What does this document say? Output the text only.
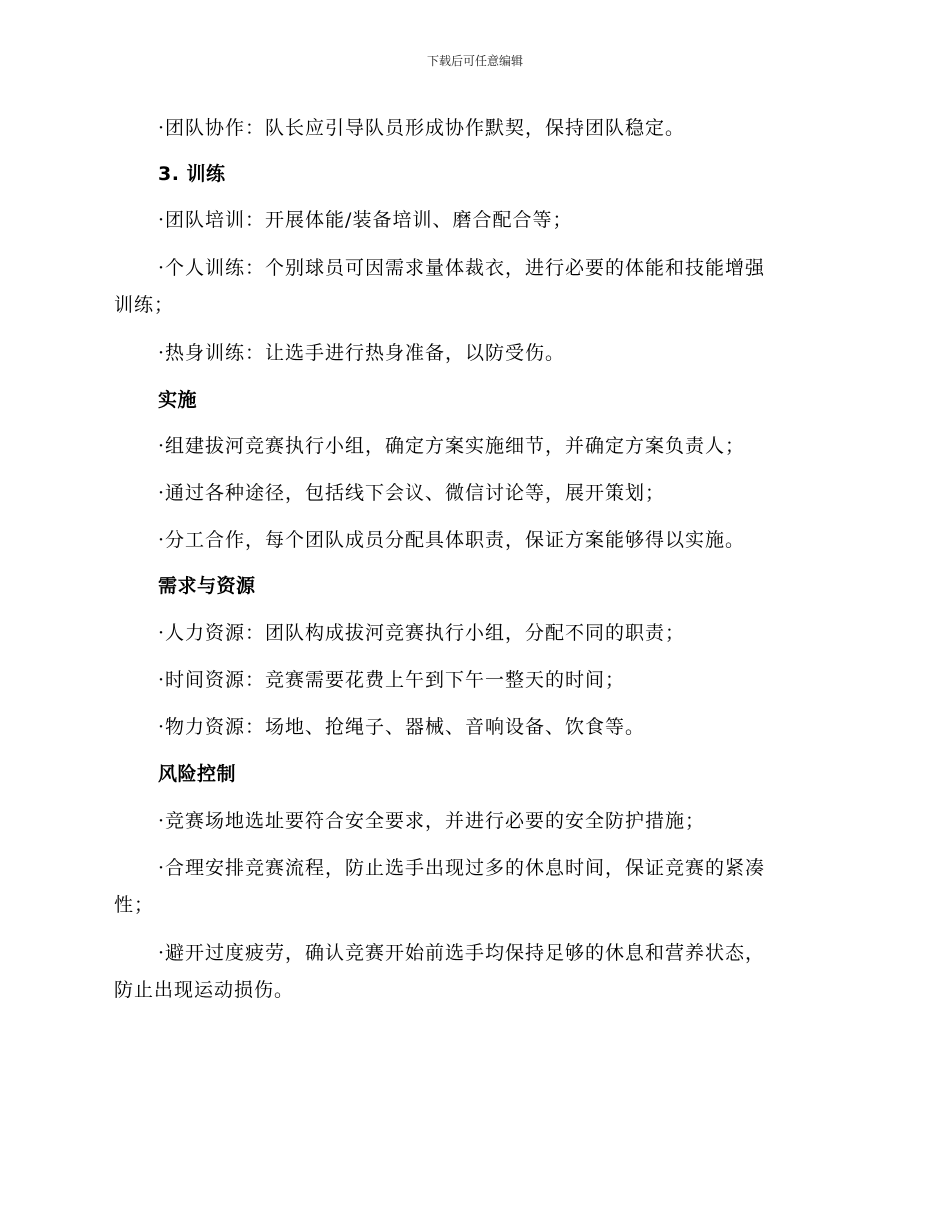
下载后可任意编辑
·团队协作：队长应引导队员形成协作默契，保持团队稳定。
3. 训练
·团队培训：开展体能/装备培训、磨合配合等；
·个人训练：个别球员可因需求量体裁衣，进行必要的体能和技能增强
训练；
·热身训练：让选手进行热身准备，以防受伤。
实施
·组建拔河竞赛执行小组，确定方案实施细节，并确定方案负责人；
·通过各种途径，包括线下会议、微信讨论等，展开策划；
·分工合作，每个团队成员分配具体职责，保证方案能够得以实施。
需求与资源
·人力资源：团队构成拔河竞赛执行小组，分配不同的职责；
·时间资源：竞赛需要花费上午到下午一整天的时间；
·物力资源：场地、抢绳子、器械、音响设备、饮食等。
风险控制
·竞赛场地选址要符合安全要求，并进行必要的安全防护措施；
·合理安排竞赛流程，防止选手出现过多的休息时间，保证竞赛的紧凑
性；
·避开过度疲劳，确认竞赛开始前选手均保持足够的休息和营养状态，
防止出现运动损伤。
